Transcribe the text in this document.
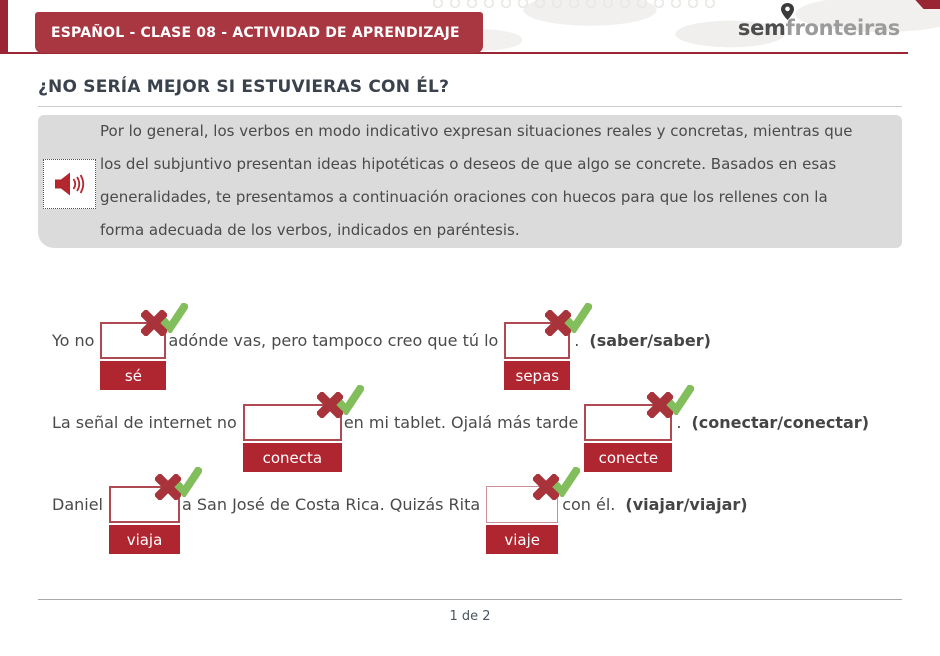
ESPAÑOL - CLASE 08 - ACTIVIDAD DE APRENDIZAJE	semfronteiras
¿NO SERÍA MEJOR SI ESTUVIERAS CON ÉL?

Por lo general, los verbos en modo indicativo expresan situaciones reales y concretas, mientras que los del subjuntivo presentan ideas hipotéticas o deseos de que algo se concrete. Basados en esas generalidades, te presentamos a continuación oraciones con huecos para que los rellenes con la forma adecuada de los verbos, indicados en paréntesis.

Yo no
sé
adónde vas, pero tampoco creo que tú lo
sepas
. (saber/saber)
La señal de internet no
conecta
en mi tablet. Ojalá más tarde
conecte
. (conectar/conectar)
Daniel
viaja
a San José de Costa Rica. Quizás Rita
viaje
con él. (viajar/viajar)
1 de 2
